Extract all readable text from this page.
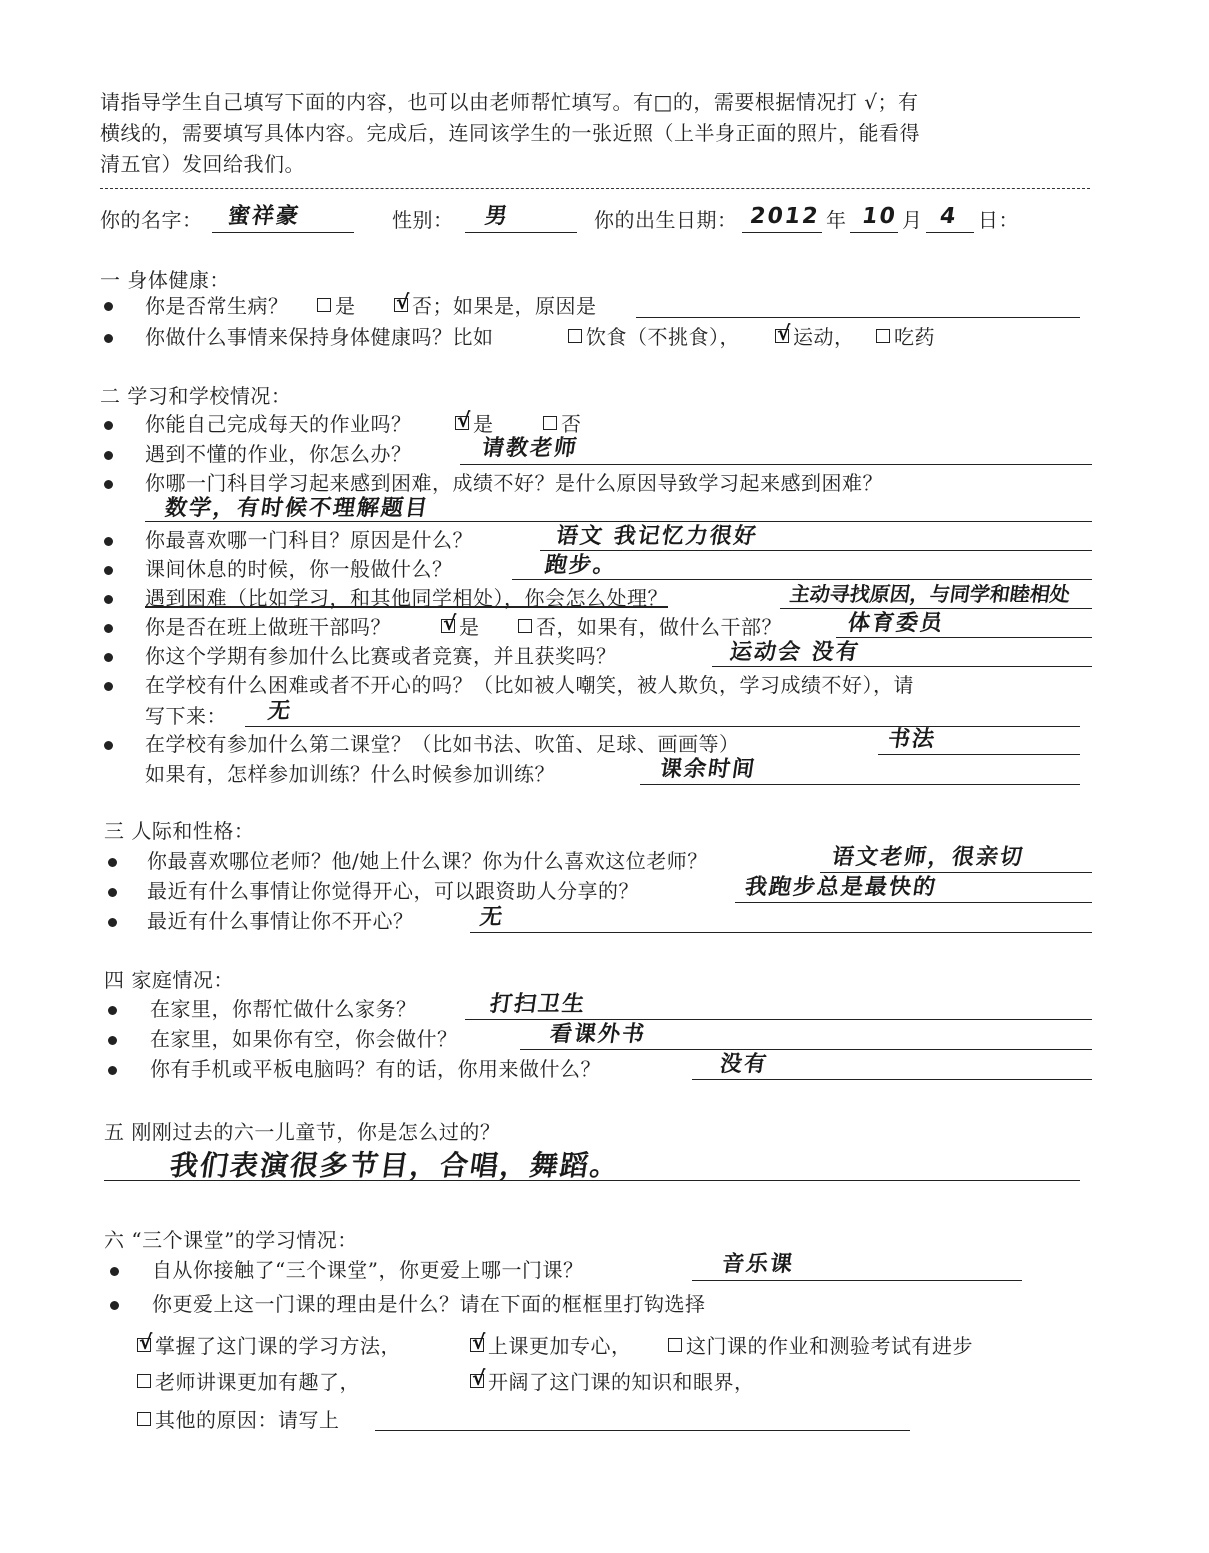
请指导学生自己填写下面的内容，也可以由老师帮忙填写。有□的，需要根据情况打 √；有
横线的，需要填写具体内容。完成后，连同该学生的一张近照（上半身正面的照片，能看得
清五官）发回给我们。
你的名字： 蜜祥豪	性别： 男	你的出生日期： 2012 年 10 月 4 日：
一 身体健康：
你是否常生病？ 是 √ 否；如果是，原因是
你做什么事情来保持身体健康吗？比如	饮食（不挑食）， √ 运动， 吃药
二 学习和学校情况：
你能自己完成每天的作业吗？ √ 是	否
遇到不懂的作业，你怎么办？	请教老师
你哪一门科目学习起来感到困难，成绩不好？是什么原因导致学习起来感到困难？
数学，有时候不理解题目
你最喜欢哪一门科目？原因是什么？	语文 我记忆力很好
课间休息的时候，你一般做什么？	跑步。
遇到困难（比如学习，和其他同学相处），你会怎么处理？	主动寻找原因，与同学和睦相处
你是否在班上做班干部吗？	√ 是	否，如果有，做什么干部？	体育委员
你这个学期有参加什么比赛或者竞赛，并且获奖吗？	运动会 没有
在学校有什么困难或者不开心的吗？（比如被人嘲笑，被人欺负，学习成绩不好），请
写下来： 无
在学校有参加什么第二课堂？（比如书法、吹笛、足球、画画等）	书法
如果有，怎样参加训练？什么时候参加训练？	课余时间
三 人际和性格：
你最喜欢哪位老师？他/她上什么课？你为什么喜欢这位老师？	语文老师，很亲切
最近有什么事情让你觉得开心，可以跟资助人分享的？	我跑步总是最快的
最近有什么事情让你不开心？	无
四 家庭情况：
在家里，你帮忙做什么家务？	打扫卫生
在家里，如果你有空，你会做什？	看课外书
你有手机或平板电脑吗？有的话，你用来做什么？	没有
五 刚刚过去的六一儿童节，你是怎么过的？
我们表演很多节目，合唱，舞蹈。
六 “三个课堂”的学习情况：
自从你接触了“三个课堂”，你更爱上哪一门课？	音乐课
你更爱上这一门课的理由是什么？请在下面的框框里打钩选择
√ 掌握了这门课的学习方法，	√ 上课更加专心，	这门课的作业和测验考试有进步
老师讲课更加有趣了，	√ 开阔了这门课的知识和眼界，
其他的原因：请写上
